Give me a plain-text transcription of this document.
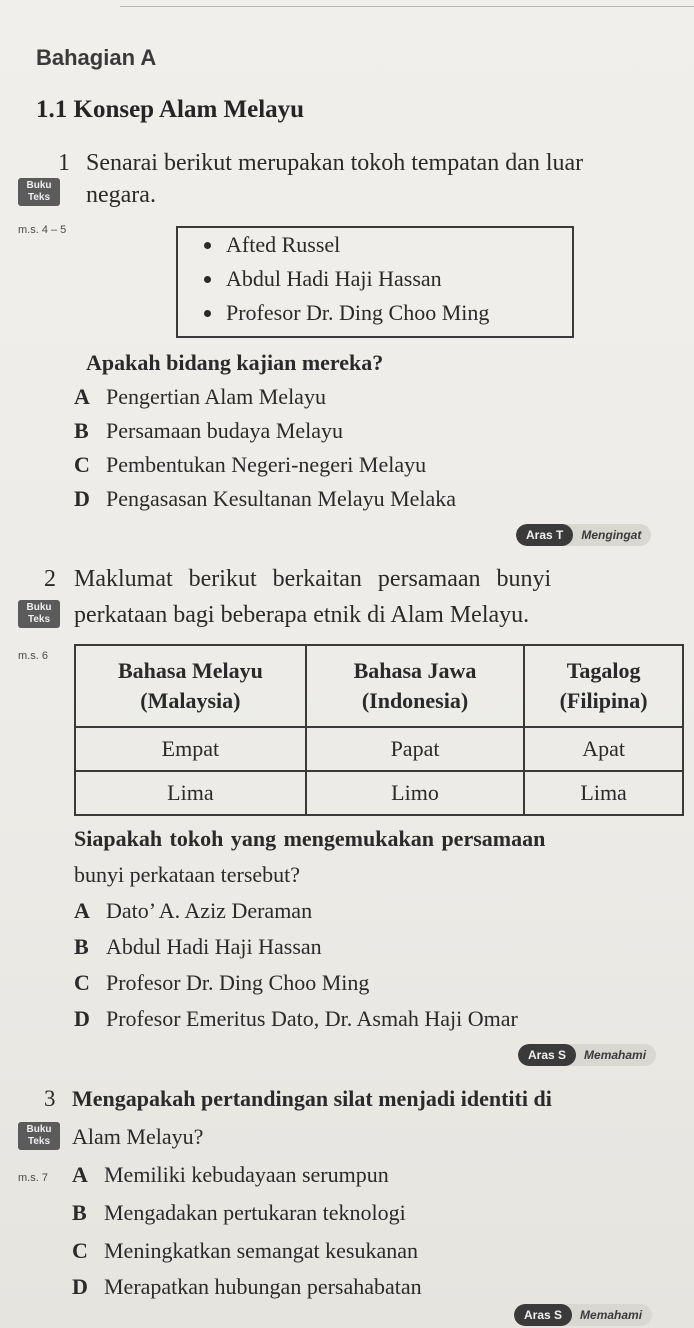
Bahagian A
1.1 Konsep Alam Melayu
1 Senarai berikut merupakan tokoh tempatan dan luar
Buku Teks	negara.
m.s. 4 – 5
Afted Russel
Abdul Hadi Haji Hassan
Profesor Dr. Ding Choo Ming
Apakah bidang kajian mereka?
A Pengertian Alam Melayu
B Persamaan budaya Melayu
C Pembentukan Negeri-negeri Melayu
D Pengasasan Kesultanan Melayu Melaka
Aras T Mengingat
2 Maklumat berikut berkaitan persamaan bunyi
Buku Teks perkataan bagi beberapa etnik di Alam Melayu.
m.s. 6
Bahasa Melayu (Malaysia)	Bahasa Jawa (Indonesia)	Tagalog (Filipina)
Empat	Papat	Apat
Lima	Limo	Lima
Siapakah tokoh yang mengemukakan persamaan
bunyi perkataan tersebut?
A Dato’ A. Aziz Deraman
B Abdul Hadi Haji Hassan
C Profesor Dr. Ding Choo Ming
D Profesor Emeritus Dato, Dr. Asmah Haji Omar
Aras S Memahami
3 Mengapakah pertandingan silat menjadi identiti di
Buku Teks Alam Melayu?
m.s. 7 A Memiliki kebudayaan serumpun
B Mengadakan pertukaran teknologi
C Meningkatkan semangat kesukanan
D Merapatkan hubungan persahabatan
Aras S Memahami
